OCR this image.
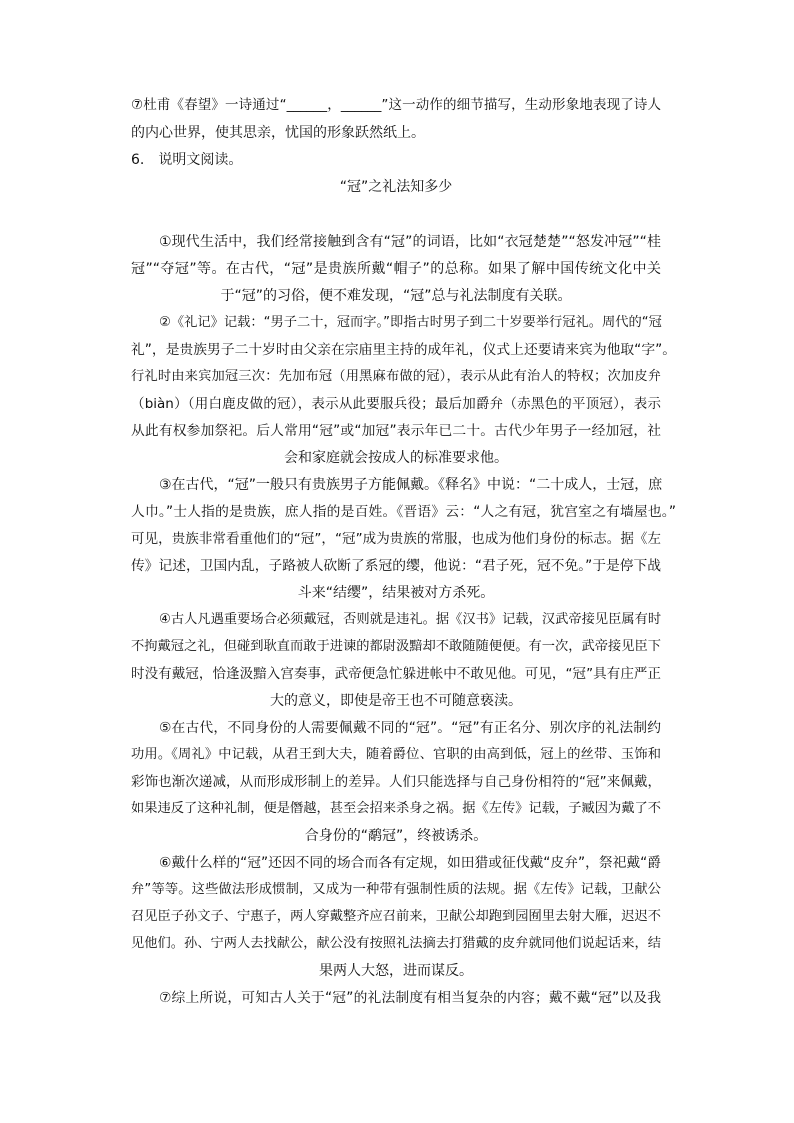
⑦杜甫《春望》一诗通过“______，______”这一动作的细节描写，生动形象地表现了诗人
的内心世界，使其思亲，忧国的形象跃然纸上。
6.　说明文阅读。
“冠”之礼法知多少
①现代生活中，我们经常接触到含有“冠”的词语，比如“衣冠楚楚”“怒发冲冠”“桂
冠”“夺冠”等。在古代，“冠”是贵族所戴“帽子”的总称。如果了解中国传统文化中关
于“冠”的习俗，便不难发现，“冠”总与礼法制度有关联。
②《礼记》记载：“男子二十，冠而字。”即指古时男子到二十岁要举行冠礼。周代的“冠
礼”，是贵族男子二十岁时由父亲在宗庙里主持的成年礼，仪式上还要请来宾为他取“字”。
行礼时由来宾加冠三次：先加布冠（用黑麻布做的冠），表示从此有治人的特权；次加皮弁
（biàn）（用白鹿皮做的冠），表示从此要服兵役；最后加爵弁（赤黑色的平顶冠），表示
从此有权参加祭祀。后人常用“冠”或“加冠”表示年已二十。古代少年男子一经加冠，社
会和家庭就会按成人的标准要求他。
③在古代，“冠”一般只有贵族男子方能佩戴。《释名》中说：“二十成人，士冠，庶
人巾。”士人指的是贵族，庶人指的是百姓。《晋语》云：“人之有冠，犹宫室之有墙屋也。”
可见，贵族非常看重他们的“冠”，“冠”成为贵族的常服，也成为他们身份的标志。据《左
传》记述，卫国内乱，子路被人砍断了系冠的缨，他说：“君子死，冠不免。”于是停下战
斗来“结缨”，结果被对方杀死。
④古人凡遇重要场合必须戴冠，否则就是违礼。据《汉书》记载，汉武帝接见臣属有时
不拘戴冠之礼，但碰到耿直而敢于进谏的都尉汲黯却不敢随随便便。有一次，武帝接见臣下
时没有戴冠，恰逢汲黯入宫奏事，武帝便急忙躲进帐中不敢见他。可见，“冠”具有庄严正
大的意义，即使是帝王也不可随意亵渎。
⑤在古代，不同身份的人需要佩戴不同的“冠”。“冠”有正名分、别次序的礼法制约
功用。《周礼》中记载，从君王到大夫，随着爵位、官职的由高到低，冠上的丝带、玉饰和
彩饰也渐次递减，从而形成形制上的差异。人们只能选择与自己身份相符的“冠”来佩戴，
如果违反了这种礼制，便是僭越，甚至会招来杀身之祸。据《左传》记载，子臧因为戴了不
合身份的“鹬冠”，终被诱杀。
⑥戴什么样的“冠”还因不同的场合而各有定规，如田猎或征伐戴“皮弁”，祭祀戴“爵
弁”等等。这些做法形成惯制，又成为一种带有强制性质的法规。据《左传》记载，卫献公
召见臣子孙文子、宁惠子，两人穿戴整齐应召前来，卫献公却跑到园囿里去射大雁，迟迟不
见他们。孙、宁两人去找献公，献公没有按照礼法摘去打猎戴的皮弁就同他们说起话来，结
果两人大怒，进而谋反。
⑦综上所说，可知古人关于“冠”的礼法制度有相当复杂的内容；戴不戴“冠”以及我
